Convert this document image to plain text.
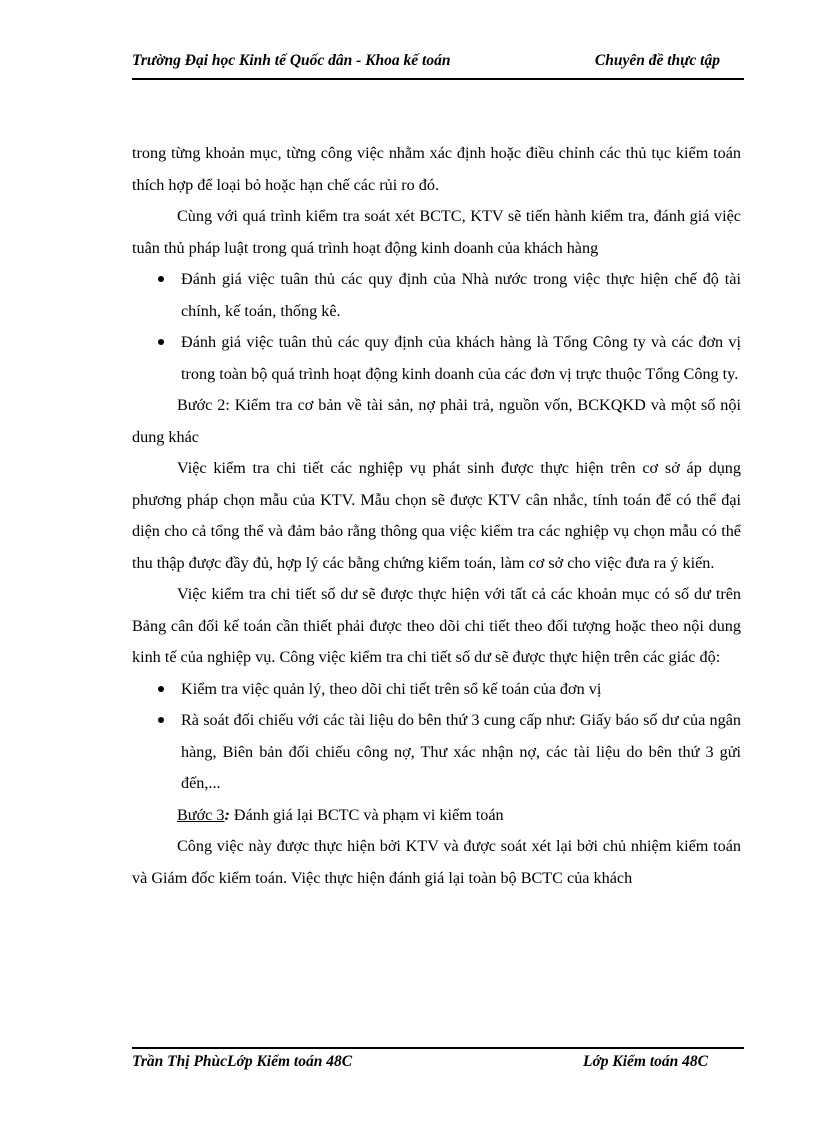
Trường Đại học Kinh tế Quốc dân - Khoa kế toán	Chuyên đề thực tập

trong từng khoản mục, từng công việc nhằm xác định hoặc điều chỉnh các thủ tục kiểm toán thích hợp để loại bỏ hoặc hạn chế các rủi ro đó.

Cùng với quá trình kiểm tra soát xét BCTC, KTV sẽ tiến hành kiểm tra, đánh giá việc tuân thủ pháp luật trong quá trình hoạt động kinh doanh của khách hàng

Đánh giá việc tuân thủ các quy định của Nhà nước trong việc thực hiện chế độ tài chính, kế toán, thống kê.
Đánh giá việc tuân thủ các quy định của khách hàng là Tổng Công ty và các đơn vị trong toàn bộ quá trình hoạt động kinh doanh của các đơn vị trực thuộc Tổng Công ty.

Bước 2: Kiểm tra cơ bản về tài sản, nợ phải trả, nguồn vốn, BCKQKD và một số nội dung khác

Việc kiểm tra chi tiết các nghiệp vụ phát sinh được thực hiện trên cơ sở áp dụng phương pháp chọn mẫu của KTV. Mẫu chọn sẽ được KTV cân nhắc, tính toán để có thể đại diện cho cả tổng thể và đảm bảo rằng thông qua việc kiểm tra các nghiệp vụ chọn mẫu có thể thu thập được đầy đủ, hợp lý các bằng chứng kiểm toán, làm cơ sở cho việc đưa ra ý kiến.

Việc kiểm tra chi tiết số dư sẽ được thực hiện với tất cả các khoản mục có số dư trên Bảng cân đối kế toán cần thiết phải được theo dõi chi tiết theo đối tượng hoặc theo nội dung kinh tế của nghiệp vụ. Công việc kiểm tra chi tiết số dư sẽ được thực hiện trên các giác độ:

Kiểm tra việc quản lý, theo dõi chi tiết trên sổ kế toán của đơn vị
Rà soát đối chiếu với các tài liệu do bên thứ 3 cung cấp như: Giấy báo số dư của ngân hàng, Biên bản đối chiếu công nợ, Thư xác nhận nợ, các tài liệu do bên thứ 3 gửi đến,...

Bước 3: Đánh giá lại BCTC và phạm vi kiểm toán

Công việc này được thực hiện bởi KTV và được soát xét lại bởi chủ nhiệm kiểm toán và Giám đốc kiểm toán. Việc thực hiện đánh giá lại toàn bộ BCTC của khách

Trần Thị PhùcLớp Kiểm toán 48C	Lớp Kiểm toán 48C
